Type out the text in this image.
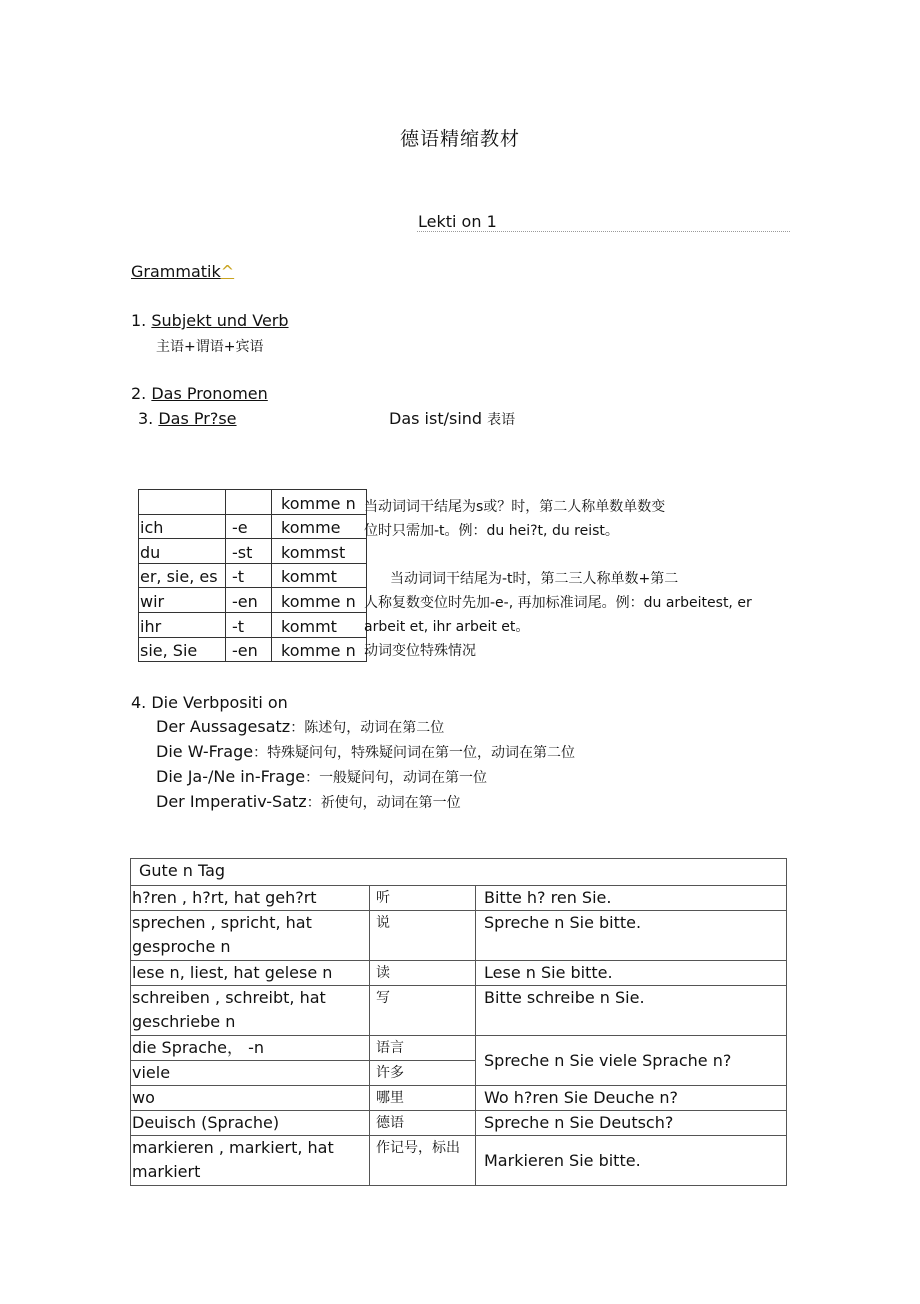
德语精缩教材
Lekti on 1
Grammatik^
1. Subjekt und Verb
主语+谓语+宾语
2. Das Pronomen
3. Das Pr?se	Das ist/sind 表语
		komme n
ich	-e	komme
du	-st	kommst
er, sie, es	-t	kommt
wir	-en	komme n
ihr	-t	kommt
sie, Sie	-en	komme n
当动词词干结尾为s或？时，第二人称单数单数变
位时只需加-t。例：du hei?t, du reist。
当动词词干结尾为-t时，第二三人称单数+第二
人称复数变位时先加-e-, 再加标准词尾。例：du arbeitest, er
arbeit et, ihr arbeit et。
动词变位特殊情况
4. Die Verbpositi on
Der Aussagesatz：陈述句，动词在第二位
Die W-Frage：特殊疑问句，特殊疑问词在第一位，动词在第二位
Die Ja-/Ne in-Frage：一般疑问句，动词在第一位
Der Imperativ-Satz：祈使句，动词在第一位
Gute n Tag		
h?ren , h?rt, hat geh?rt	听	Bitte h? ren Sie.
sprechen , spricht, hat gesproche n	说	Spreche n Sie bitte.
lese n, liest, hat gelese n	读	Lese n Sie bitte.
schreiben , schreibt, hat geschriebe n	写	Bitte schreibe n Sie.
die Sprache， -n	语言	Spreche n Sie viele Sprache n?
viele	许多	
wo	哪里	Wo h?ren Sie Deuche n?
Deuisch (Sprache)	德语	Spreche n Sie Deutsch?
markieren , markiert, hat markiert	作记号，标出	Markieren Sie bitte.
